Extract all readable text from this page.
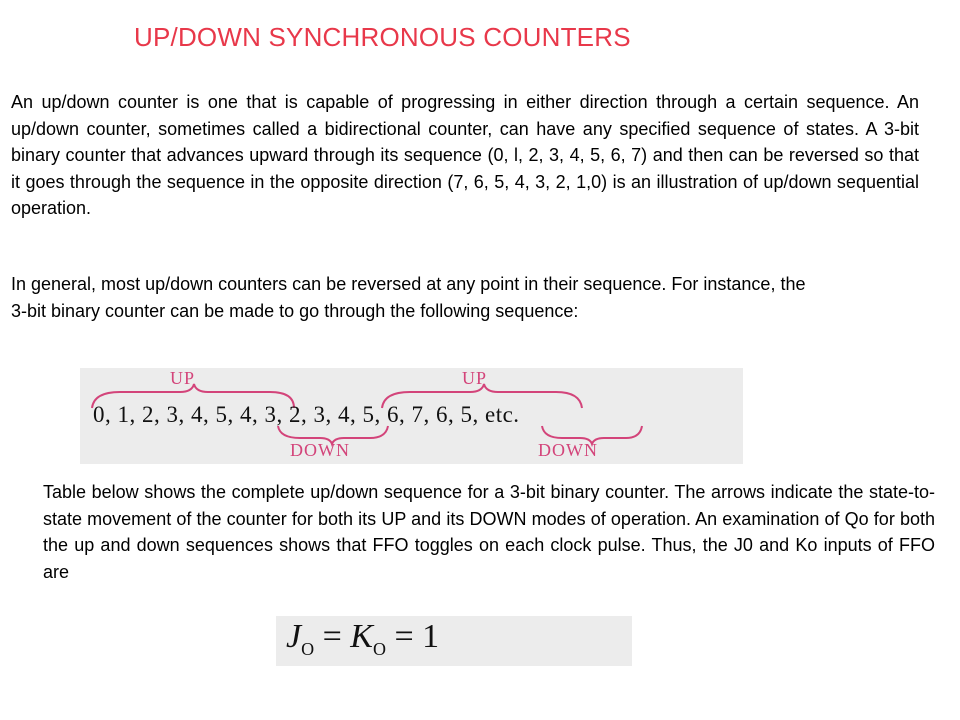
UP/DOWN SYNCHRONOUS COUNTERS

An up/down counter is one that is capable of progressing in either direction through a certain sequence. An up/down counter, sometimes called a bidirectional counter, can have any specified sequence of states. A 3-bit binary counter that advances upward through its sequence (0, l, 2, 3, 4, 5, 6, 7) and then can be reversed so that it goes through the sequence in the opposite direction (7, 6, 5, 4, 3, 2, 1,0) is an illustration of up/down sequential operation.

In general, most up/down counters can be reversed at any point in their sequence. For instance, the 3-bit binary counter can be made to go through the following sequence:

UP	UP
0, 1, 2, 3, 4, 5, 4, 3, 2, 3, 4, 5, 6, 7, 6, 5, etc.
DOWN	DOWN

Table below shows the complete up/down sequence for a 3-bit binary counter. The arrows indicate the state-to-state movement of the counter for both its UP and its DOWN modes of operation. An examination of Qo for both the up and down sequences shows that FFO toggles on each clock pulse. Thus, the J0 and Ko inputs of FFO are

$J_O = K_O = 1$
